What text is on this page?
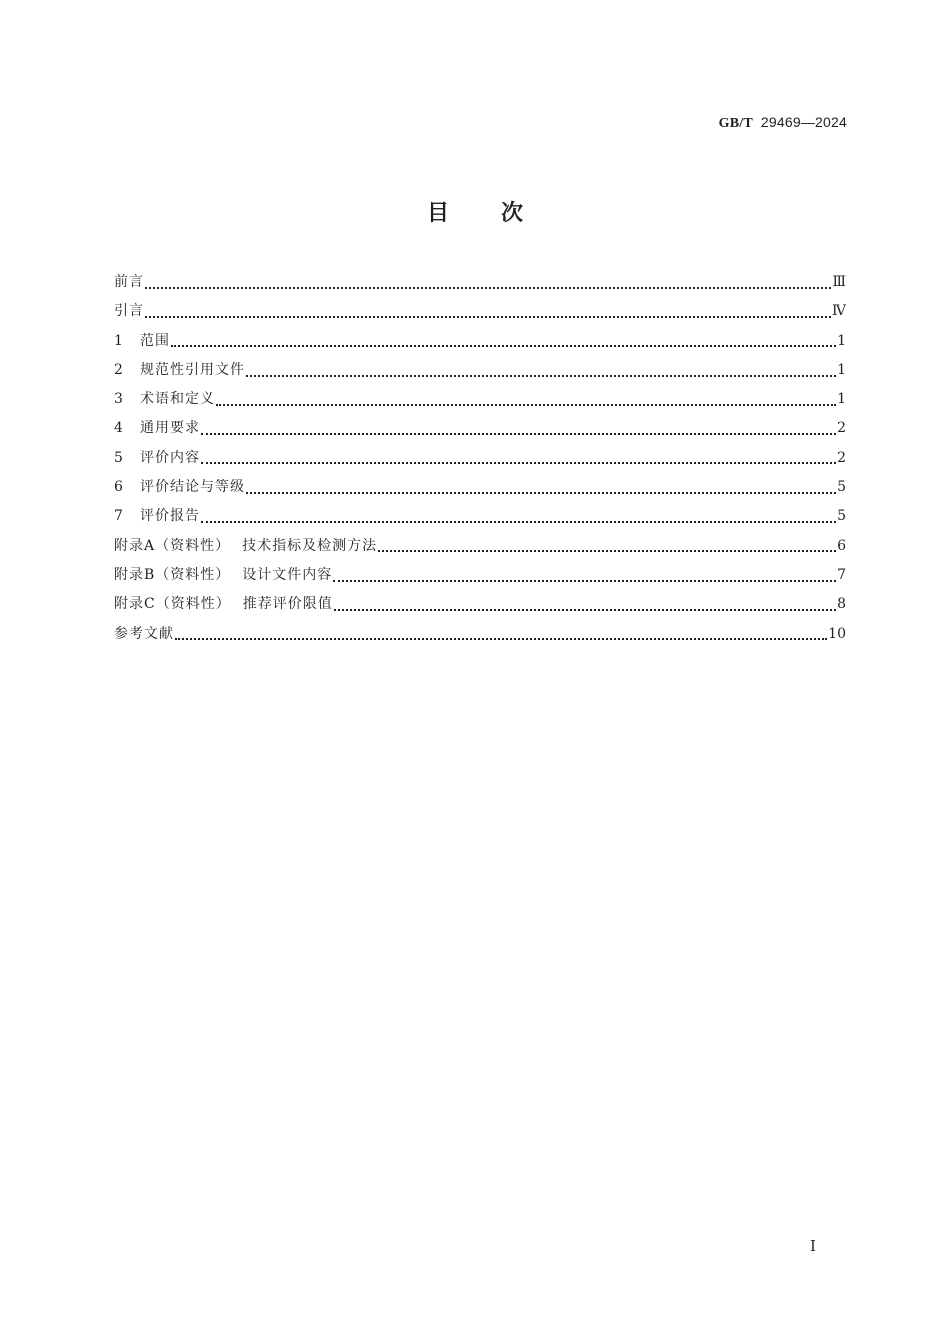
GB/T 29469—2024
目次
前言	Ⅲ
引言	Ⅳ
1	范围	1
2	规范性引用文件	1
3	术语和定义	1
4	通用要求	2
5	评价内容	2
6	评价结论与等级	5
7	评价报告	5
附录A（资料性） 技术指标及检测方法	6
附录B（资料性） 设计文件内容	7
附录C（资料性） 推荐评价限值	8
参考文献	10
Ⅰ
